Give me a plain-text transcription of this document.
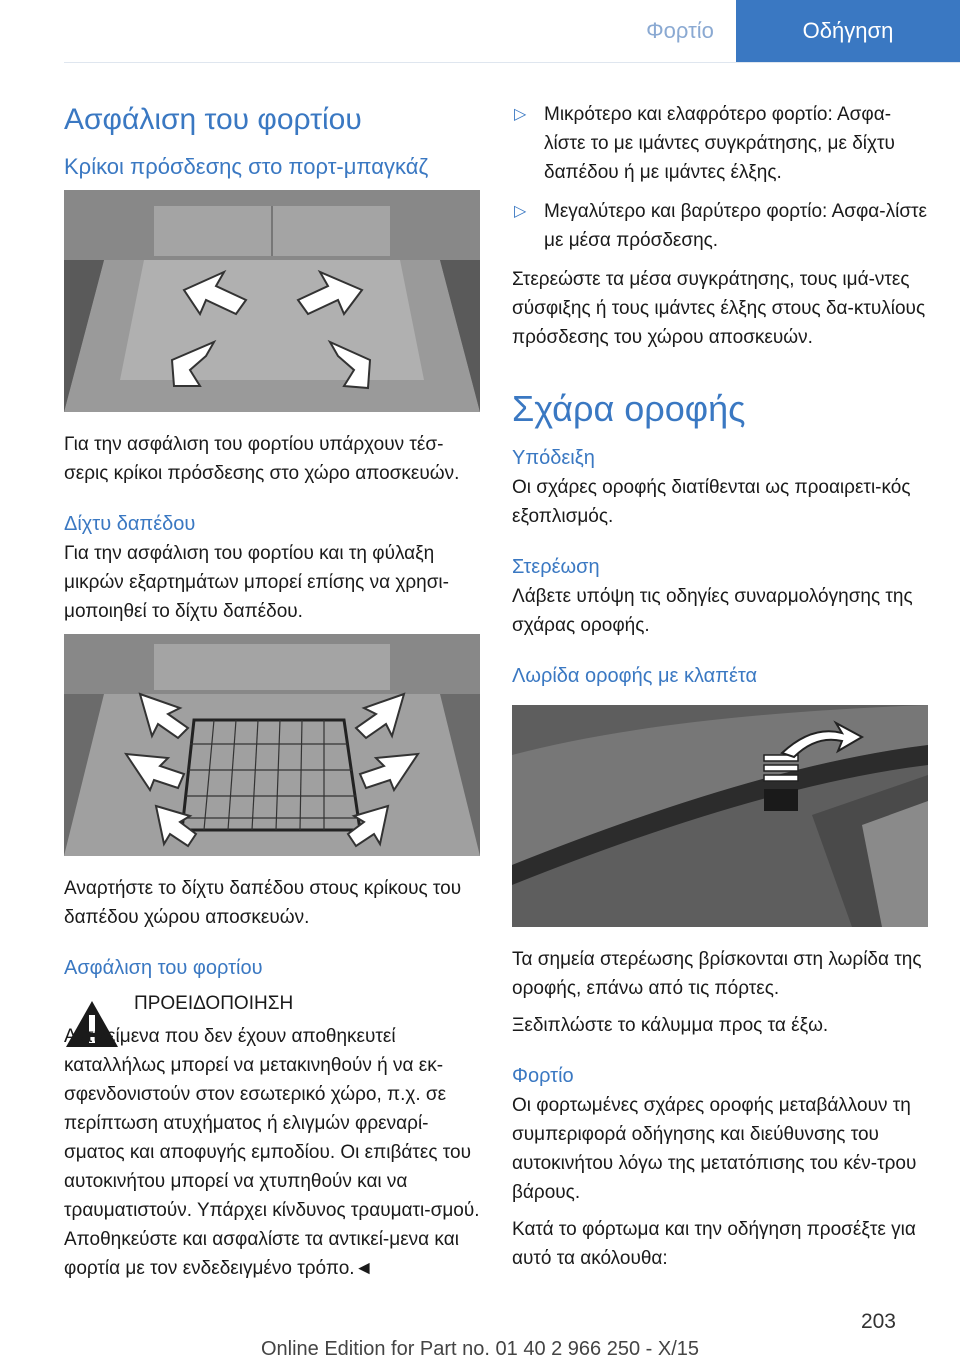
Φορτίο	Οδήγηση
Ασφάλιση του φορτίου
Κρίκοι πρόσδεσης στο πορτ-μπαγκάζ

Για την ασφάλιση του φορτίου υπάρχουν τέσ-σερις κρίκοι πρόσδεσης στο χώρο αποσκευών.

Δίχτυ δαπέδου

Για την ασφάλιση του φορτίου και τη φύλαξη μικρών εξαρτημάτων μπορεί επίσης να χρησι-μοποιηθεί το δίχτυ δαπέδου.

Αναρτήστε το δίχτυ δαπέδου στους κρίκους του δαπέδου χώρου αποσκευών.

Ασφάλιση του φορτίου

ΠΡΟΕΙΔΟΠΟΙΗΣΗ

Αντικείμενα που δεν έχουν αποθηκευτεί καταλλήλως μπορεί να μετακινηθούν ή να εκ-σφενδονιστούν στον εσωτερικό χώρο, π.χ. σε περίπτωση ατυχήματος ή ελιγμών φρεναρί-σματος και αποφυγής εμποδίου. Οι επιβάτες του αυτοκινήτου μπορεί να χτυπηθούν και να τραυματιστούν. Υπάρχει κίνδυνος τραυματι-σμού. Αποθηκεύστε και ασφαλίστε τα αντικεί-μενα και φορτία με τον ενδεδειγμένο τρόπο.◄

▷ Μικρότερο και ελαφρότερο φορτίο: Ασφα-λίστε το με ιμάντες συγκράτησης, με δίχτυ δαπέδου ή με ιμάντες έλξης.
▷ Μεγαλύτερο και βαρύτερο φορτίο: Ασφα-λίστε με μέσα πρόσδεσης.

Στερεώστε τα μέσα συγκράτησης, τους ιμά-ντες σύσφιξης ή τους ιμάντες έλξης στους δα-κτυλίους πρόσδεσης του χώρου αποσκευών.

Σχάρα οροφής
Υπόδειξη

Οι σχάρες οροφής διατίθενται ως προαιρετι-κός εξοπλισμός.

Στερέωση

Λάβετε υπόψη τις οδηγίες συναρμολόγησης της σχάρας οροφής.

Λωρίδα οροφής με κλαπέτα

Τα σημεία στερέωσης βρίσκονται στη λωρίδα της οροφής, επάνω από τις πόρτες.

Ξεδιπλώστε το κάλυμμα προς τα έξω.

Φορτίο

Οι φορτωμένες σχάρες οροφής μεταβάλλουν τη συμπεριφορά οδήγησης και διεύθυνσης του αυτοκινήτου λόγω της μετατόπισης του κέν-τρου βάρους.

Κατά το φόρτωμα και την οδήγηση προσέξτε για αυτό τα ακόλουθα:

203
Online Edition for Part no. 01 40 2 966 250 - X/15
